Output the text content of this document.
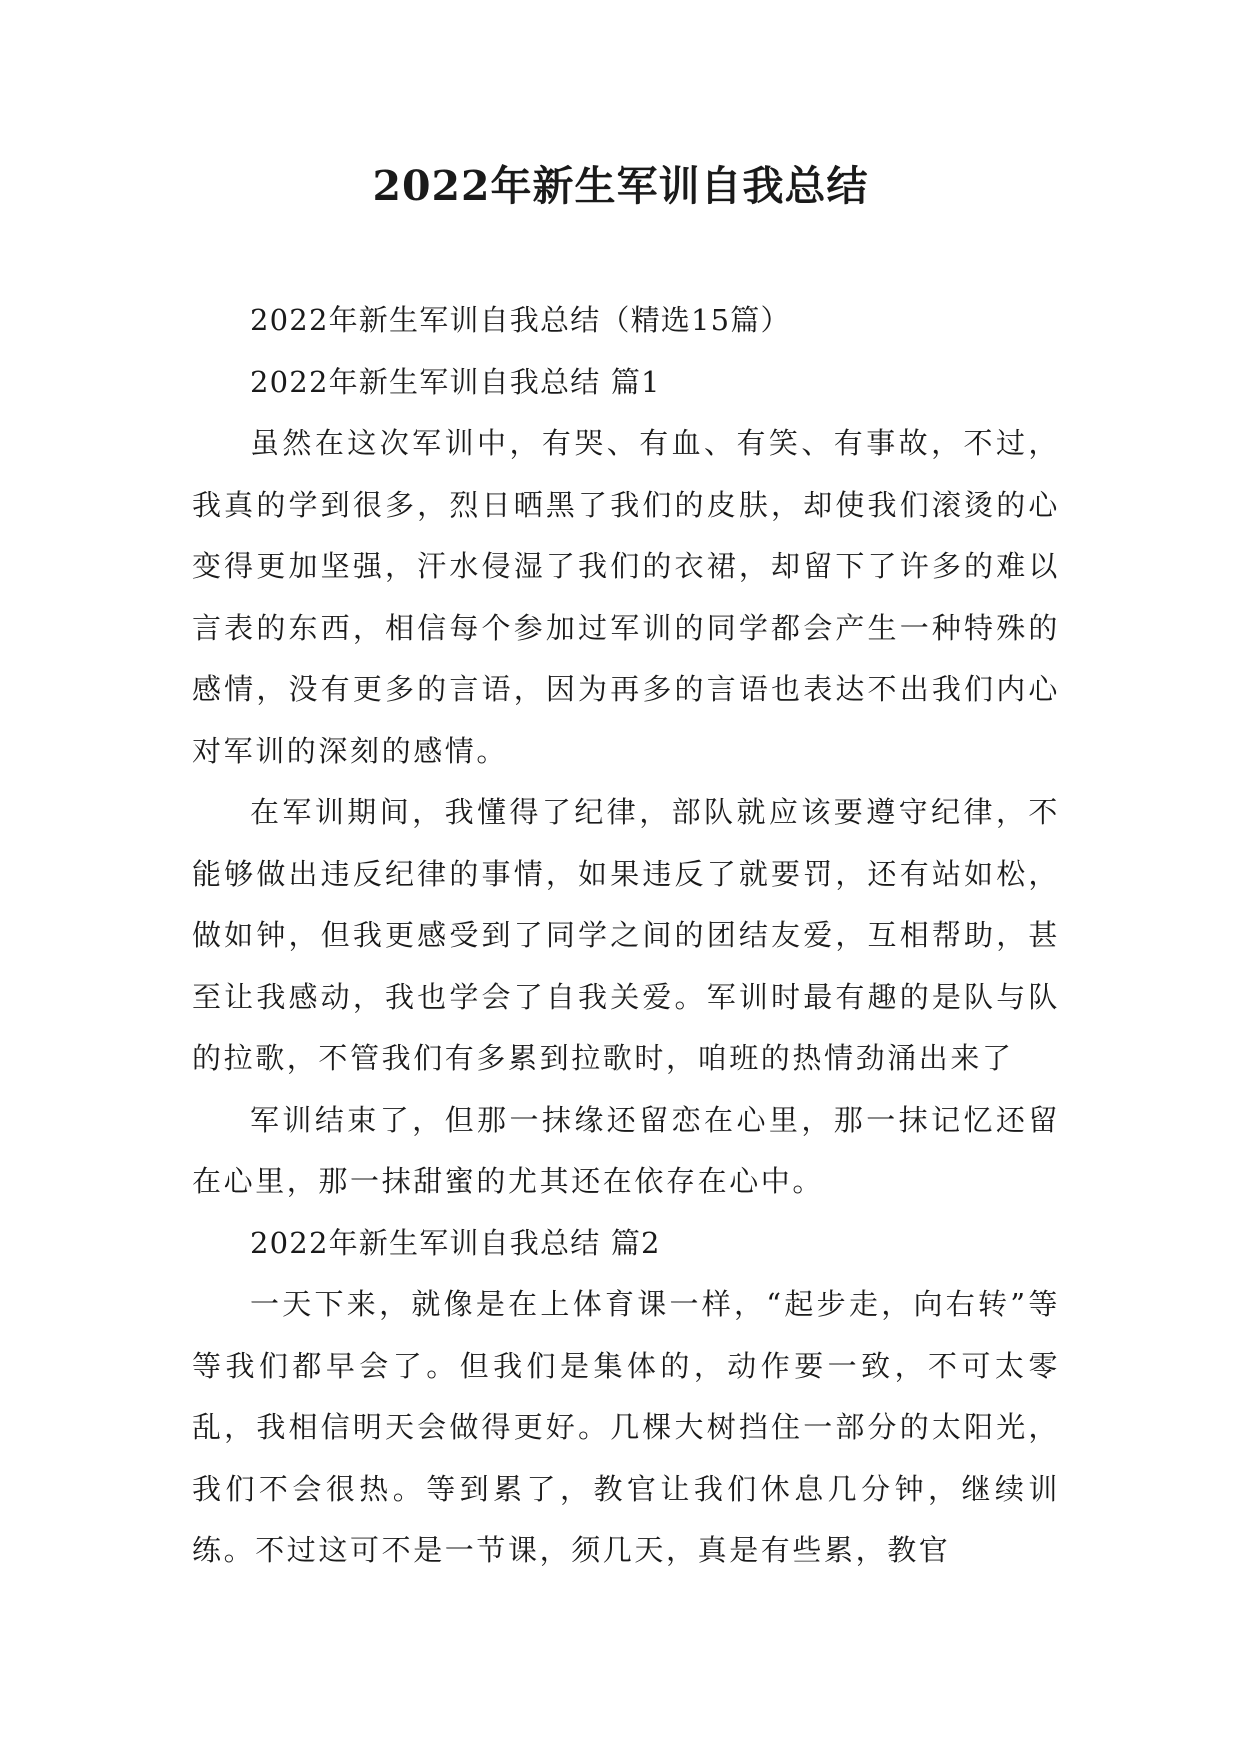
2022年新生军训自我总结

2022年新生军训自我总结（精选15篇）

2022年新生军训自我总结 篇1

虽然在这次军训中，有哭、有血、有笑、有事故，不过，我真的学到很多，烈日晒黑了我们的皮肤，却使我们滚烫的心变得更加坚强，汗水侵湿了我们的衣裙，却留下了许多的难以言表的东西，相信每个参加过军训的同学都会产生一种特殊的感情，没有更多的言语，因为再多的言语也表达不出我们内心对军训的深刻的感情。

在军训期间，我懂得了纪律，部队就应该要遵守纪律，不能够做出违反纪律的事情，如果违反了就要罚，还有站如松，做如钟，但我更感受到了同学之间的团结友爱，互相帮助，甚至让我感动，我也学会了自我关爱。军训时最有趣的是队与队的拉歌，不管我们有多累到拉歌时，咱班的热情劲涌出来了

军训结束了，但那一抹缘还留恋在心里，那一抹记忆还留在心里，那一抹甜蜜的尤其还在依存在心中。

2022年新生军训自我总结 篇2

一天下来，就像是在上体育课一样，“起步走，向右转”等等我们都早会了。但我们是集体的，动作要一致，不可太零乱，我相信明天会做得更好。几棵大树挡住一部分的太阳光，我们不会很热。等到累了，教官让我们休息几分钟，继续训练。不过这可不是一节课，须几天，真是有些累，教官
